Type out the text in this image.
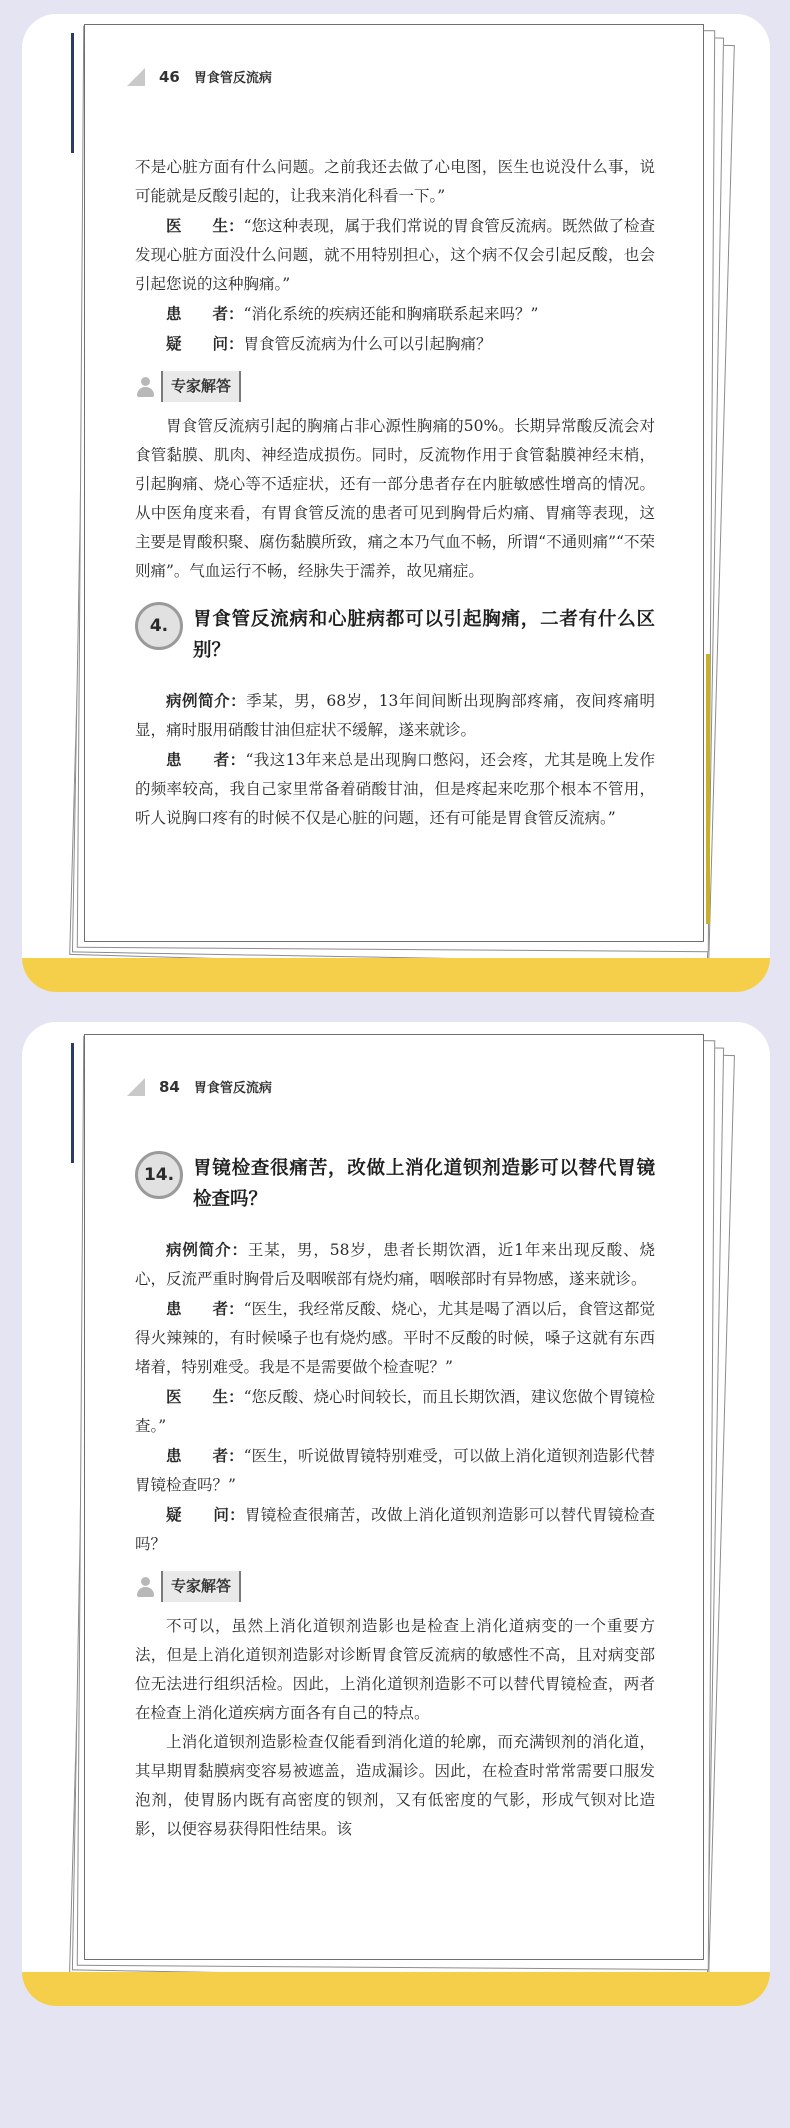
46 胃食管反流病

不是心脏方面有什么问题。之前我还去做了心电图，医生也说没什么事，说可能就是反酸引起的，让我来消化科看一下。”

医　　生：“您这种表现，属于我们常说的胃食管反流病。既然做了检查发现心脏方面没什么问题，就不用特别担心，这个病不仅会引起反酸，也会引起您说的这种胸痛。”

患　　者：“消化系统的疾病还能和胸痛联系起来吗？”

疑　　问：胃食管反流病为什么可以引起胸痛？

专家解答

胃食管反流病引起的胸痛占非心源性胸痛的50%。长期异常酸反流会对食管黏膜、肌肉、神经造成损伤。同时，反流物作用于食管黏膜神经末梢，引起胸痛、烧心等不适症状，还有一部分患者存在内脏敏感性增高的情况。从中医角度来看，有胃食管反流的患者可见到胸骨后灼痛、胃痛等表现，这主要是胃酸积聚、腐伤黏膜所致，痛之本乃气血不畅，所谓“不通则痛”“不荣则痛”。气血运行不畅，经脉失于濡养，故见痛症。

4.	胃食管反流病和心脏病都可以引起胸痛，二者有什么区别？

病例简介：季某，男，68岁，13年间间断出现胸部疼痛，夜间疼痛明显，痛时服用硝酸甘油但症状不缓解，遂来就诊。

患　　者：“我这13年来总是出现胸口憋闷，还会疼，尤其是晚上发作的频率较高，我自己家里常备着硝酸甘油，但是疼起来吃那个根本不管用，听人说胸口疼有的时候不仅是心脏的问题，还有可能是胃食管反流病。”

84 胃食管反流病
14.	胃镜检查很痛苦，改做上消化道钡剂造影可以替代胃镜检查吗？

病例简介：王某，男，58岁，患者长期饮酒，近1年来出现反酸、烧心，反流严重时胸骨后及咽喉部有烧灼痛，咽喉部时有异物感，遂来就诊。

患　　者：“医生，我经常反酸、烧心，尤其是喝了酒以后，食管这都觉得火辣辣的，有时候嗓子也有烧灼感。平时不反酸的时候，嗓子这就有东西堵着，特别难受。我是不是需要做个检查呢？”

医　　生：“您反酸、烧心时间较长，而且长期饮酒，建议您做个胃镜检查。”

患　　者：“医生，听说做胃镜特别难受，可以做上消化道钡剂造影代替胃镜检查吗？”

疑　　问：胃镜检查很痛苦，改做上消化道钡剂造影可以替代胃镜检查吗？

专家解答

不可以，虽然上消化道钡剂造影也是检查上消化道病变的一个重要方法，但是上消化道钡剂造影对诊断胃食管反流病的敏感性不高，且对病变部位无法进行组织活检。因此，上消化道钡剂造影不可以替代胃镜检查，两者在检查上消化道疾病方面各有自己的特点。

上消化道钡剂造影检查仅能看到消化道的轮廓，而充满钡剂的消化道，其早期胃黏膜病变容易被遮盖，造成漏诊。因此，在检查时常常需要口服发泡剂，使胃肠内既有高密度的钡剂，又有低密度的气影，形成气钡对比造影，以便容易获得阳性结果。该
